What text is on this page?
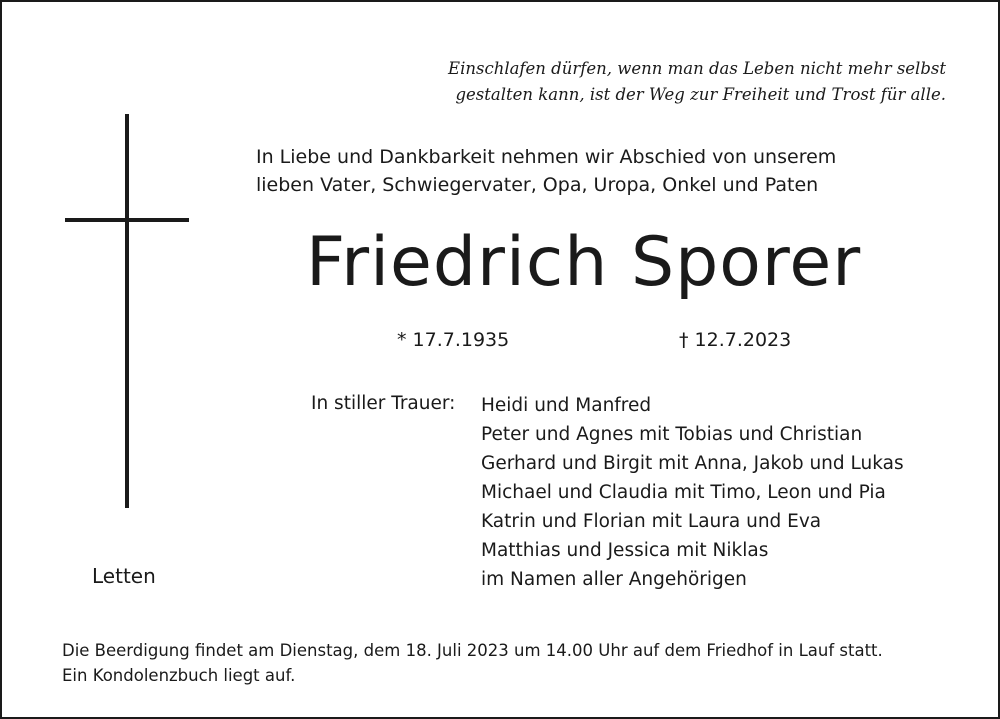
Einschlafen dürfen, wenn man das Leben nicht mehr selbst
gestalten kann, ist der Weg zur Freiheit und Trost für alle.
In Liebe und Dankbarkeit nehmen wir Abschied von unserem
lieben Vater, Schwiegervater, Opa, Uropa, Onkel und Paten
Friedrich Sporer
* 17.7.1935	† 12.7.2023
In stiller Trauer: Heidi und Manfred
Peter und Agnes mit Tobias und Christian
Gerhard und Birgit mit Anna, Jakob und Lukas
Michael und Claudia mit Timo, Leon und Pia
Katrin und Florian mit Laura und Eva
Matthias und Jessica mit Niklas
im Namen aller Angehörigen
Letten
Die Beerdigung findet am Dienstag, dem 18. Juli 2023 um 14.00 Uhr auf dem Friedhof in Lauf statt.
Ein Kondolenzbuch liegt auf.
